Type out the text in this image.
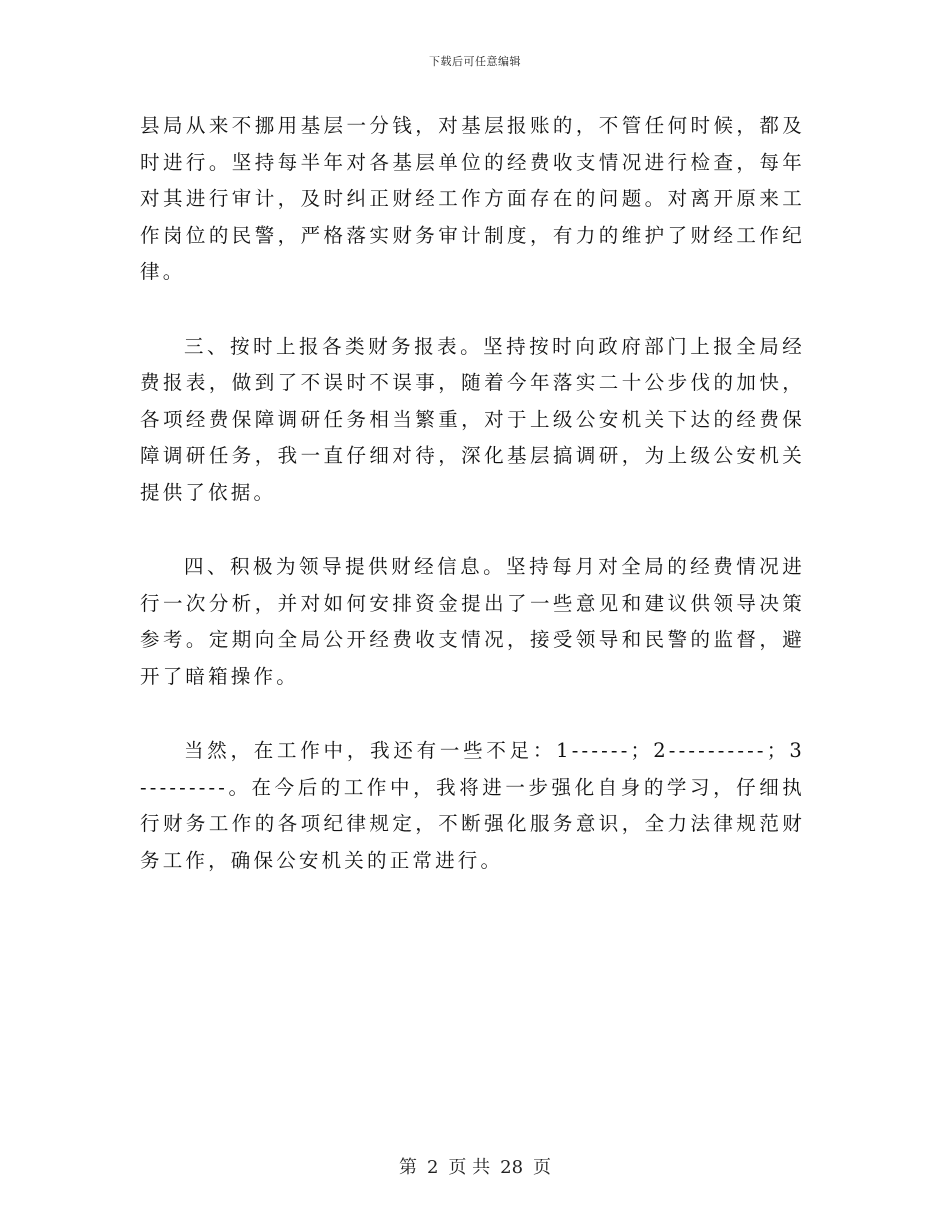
下载后可任意编辑

县局从来不挪用基层一分钱，对基层报账的，不管任何时候，都及时进行。坚持每半年对各基层单位的经费收支情况进行检查，每年对其进行审计，及时纠正财经工作方面存在的问题。对离开原来工作岗位的民警，严格落实财务审计制度，有力的维护了财经工作纪律。

三、按时上报各类财务报表。坚持按时向政府部门上报全局经费报表，做到了不误时不误事，随着今年落实二十公步伐的加快，各项经费保障调研任务相当繁重，对于上级公安机关下达的经费保障调研任务，我一直仔细对待，深化基层搞调研，为上级公安机关提供了依据。

四、积极为领导提供财经信息。坚持每月对全局的经费情况进行一次分析，并对如何安排资金提出了一些意见和建议供领导决策参考。定期向全局公开经费收支情况，接受领导和民警的监督，避开了暗箱操作。

当然，在工作中，我还有一些不足：1------；2----------；3---------。在今后的工作中，我将进一步强化自身的学习，仔细执行财务工作的各项纪律规定，不断强化服务意识，全力法律规范财务工作，确保公安机关的正常进行。

第 2 页 共 28 页
